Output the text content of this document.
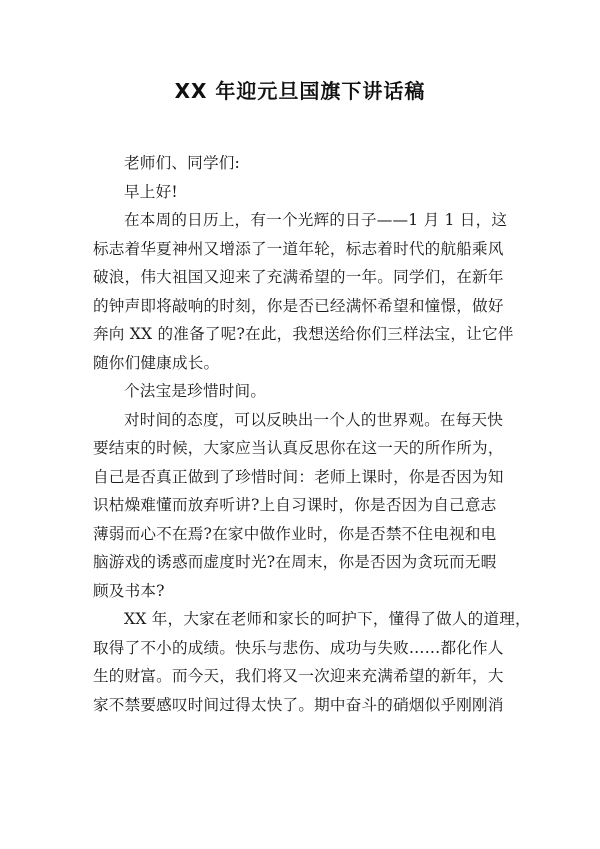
XX 年迎元旦国旗下讲话稿
老师们、同学们:
早上好!
在本周的日历上，有一个光辉的日子——1 月 1 日，这
标志着华夏神州又增添了一道年轮，标志着时代的航船乘风
破浪，伟大祖国又迎来了充满希望的一年。同学们，在新年
的钟声即将敲响的时刻，你是否已经满怀希望和憧憬，做好
奔向 XX 的准备了呢?在此，我想送给你们三样法宝，让它伴
随你们健康成长。
个法宝是珍惜时间。
对时间的态度，可以反映出一个人的世界观。在每天快
要结束的时候，大家应当认真反思你在这一天的所作所为，
自己是否真正做到了珍惜时间：老师上课时，你是否因为知
识枯燥难懂而放弃听讲?上自习课时，你是否因为自己意志
薄弱而心不在焉?在家中做作业时，你是否禁不住电视和电
脑游戏的诱惑而虚度时光?在周末，你是否因为贪玩而无暇
顾及书本?
XX 年，大家在老师和家长的呵护下，懂得了做人的道理，
取得了不小的成绩。快乐与悲伤、成功与失败……都化作人
生的财富。而今天，我们将又一次迎来充满希望的新年，大
家不禁要感叹时间过得太快了。期中奋斗的硝烟似乎刚刚消
